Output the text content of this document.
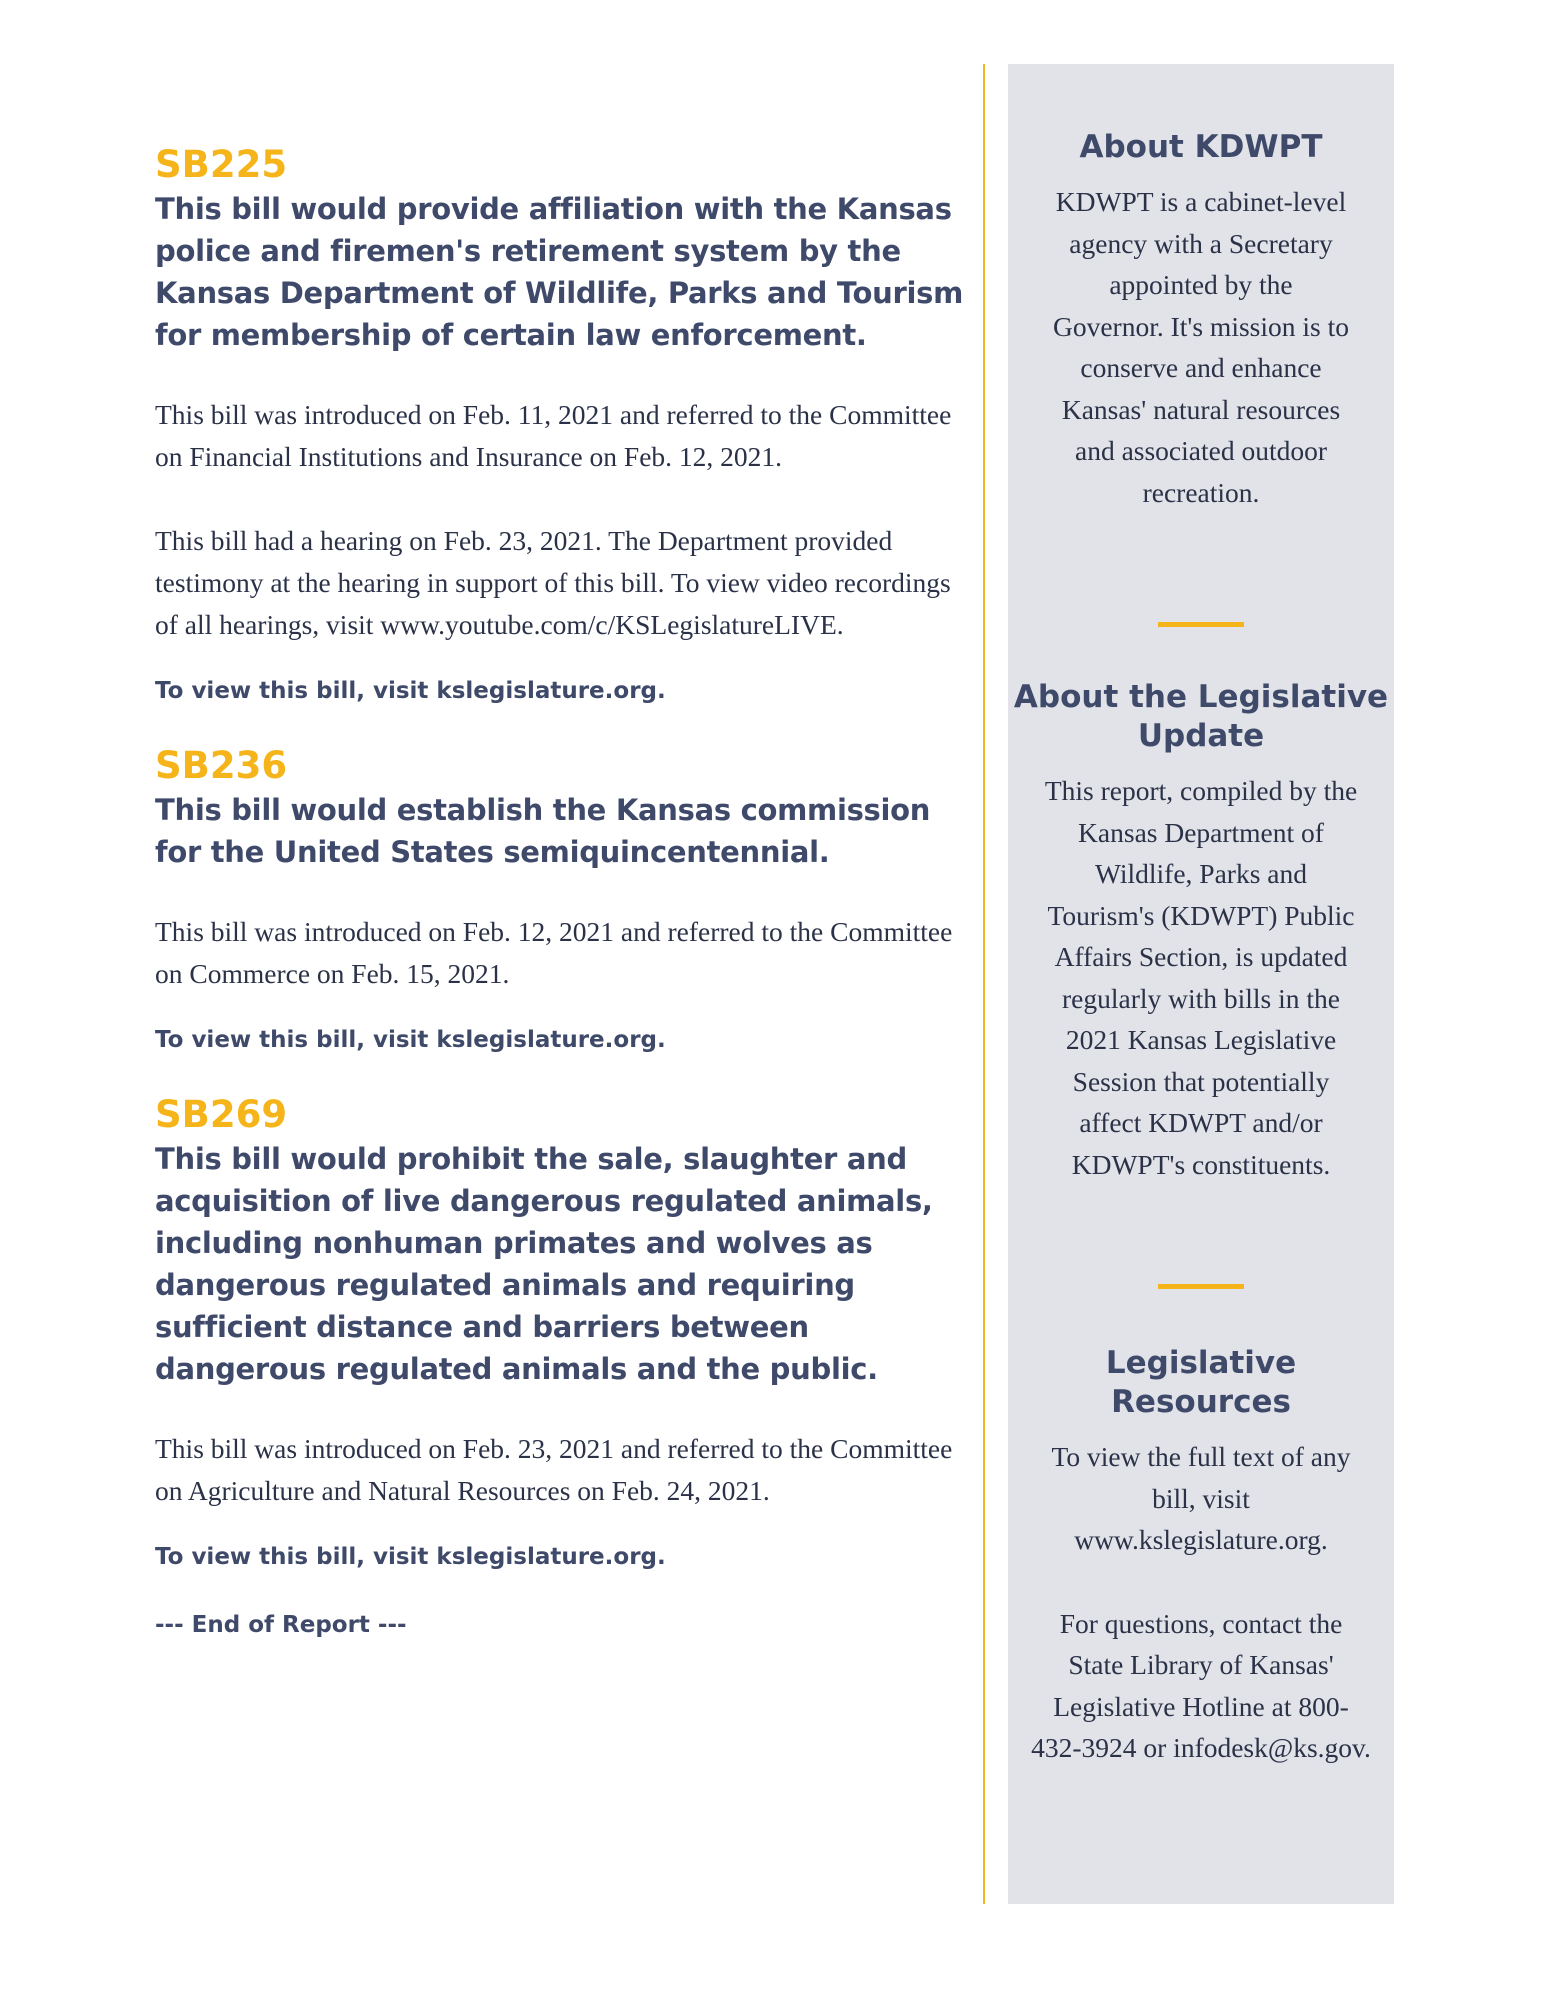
SB225
This bill would provide affiliation with the Kansas police and firemen's retirement system by the Kansas Department of Wildlife, Parks and Tourism for membership of certain law enforcement.

This bill was introduced on Feb. 11, 2021 and referred to the Committee on Financial Institutions and Insurance on Feb. 12, 2021.

This bill had a hearing on Feb. 23, 2021. The Department provided testimony at the hearing in support of this bill. To view video recordings of all hearings, visit www.youtube.com/c/KSLegislatureLIVE.

To view this bill, visit kslegislature.org.

SB236
This bill would establish the Kansas commission for the United States semiquincentennial.

This bill was introduced on Feb. 12, 2021 and referred to the Committee on Commerce on Feb. 15, 2021.

To view this bill, visit kslegislature.org.

SB269
This bill would prohibit the sale, slaughter and acquisition of live dangerous regulated animals, including nonhuman primates and wolves as dangerous regulated animals and requiring sufficient distance and barriers between dangerous regulated animals and the public.

This bill was introduced on Feb. 23, 2021 and referred to the Committee on Agriculture and Natural Resources on Feb. 24, 2021.

To view this bill, visit kslegislature.org.

--- End of Report ---

About KDWPT

KDWPT is a cabinet-level agency with a Secretary appointed by the Governor. It's mission is to conserve and enhance Kansas' natural resources and associated outdoor recreation.

About the Legislative Update

This report, compiled by the Kansas Department of Wildlife, Parks and Tourism's (KDWPT) Public Affairs Section, is updated regularly with bills in the 2021 Kansas Legislative Session that potentially affect KDWPT and/or KDWPT's constituents.

Legislative Resources

To view the full text of any bill, visit www.kslegislature.org.

For questions, contact the State Library of Kansas' Legislative Hotline at 800-432-3924 or infodesk@ks.gov.
